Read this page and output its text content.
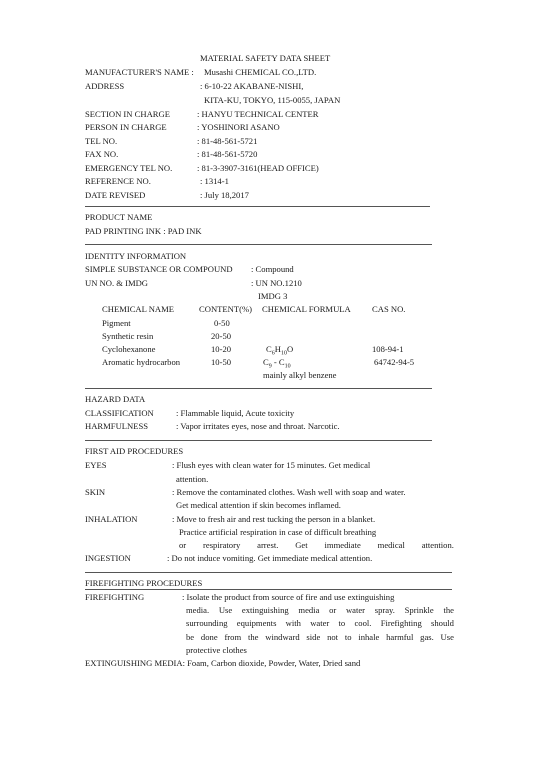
MATERIAL SAFETY DATA SHEET
MANUFACTURER'S NAME : Musashi CHEMICAL CO.,LTD.
ADDRESS	: 6-10-22 AKABANE-NISHI,
KITA-KU, TOKYO, 115-0055, JAPAN
SECTION IN CHARGE	: HANYU TECHNICAL CENTER
PERSON IN CHARGE	: YOSHINORI ASANO
TEL NO.	: 81-48-561-5721
FAX NO.	: 81-48-561-5720
EMERGENCY TEL NO.	: 81-3-3907-3161(HEAD OFFICE)
REFERENCE NO.	: 1314-1
DATE REVISED	: July 18,2017
PRODUCT NAME
PAD PRINTING INK : PAD INK
IDENTITY INFORMATION
SIMPLE SUBSTANCE OR COMPOUND : Compound
UN NO. & IMDG	: UN NO.1210
IMDG 3
CHEMICAL NAME	CONTENT(%) CHEMICAL FORMULA CAS NO.
Pigment	0-50
Synthetic resin	20-50
Cyclohexanone	10-20	$C_6H_{10}O$	108-94-1
Aromatic hydrocarbon	10-50	$C_9 - C_{10}$	64742-94-5
mainly alkyl benzene
HAZARD DATA
CLASSIFICATION	: Flammable liquid, Acute toxicity
HARMFULNESS	: Vapor irritates eyes, nose and throat. Narcotic.
FIRST AID PROCEDURES
EYES	: Flush eyes with clean water for 15 minutes. Get medical
attention.
SKIN	: Remove the contaminated clothes. Wash well with soap and water.
Get medical attention if skin becomes inflamed.
INHALATION	: Move to fresh air and rest tucking the person in a blanket.
Practice artificial respiration in case of difficult breathing
or respiratory arrest. Get immediate medical attention.
INGESTION	: Do not induce vomiting. Get immediate medical attention.
FIREFIGHTING PROCEDURES
FIREFIGHTING	: Isolate the product from source of fire and use extinguishing
media. Use extinguishing media or water spray. Sprinkle the
surrounding equipments with water to cool. Firefighting should
be done from the windward side not to inhale harmful gas. Use
protective clothes
EXTINGUISHING MEDIA: Foam, Carbon dioxide, Powder, Water, Dried sand
